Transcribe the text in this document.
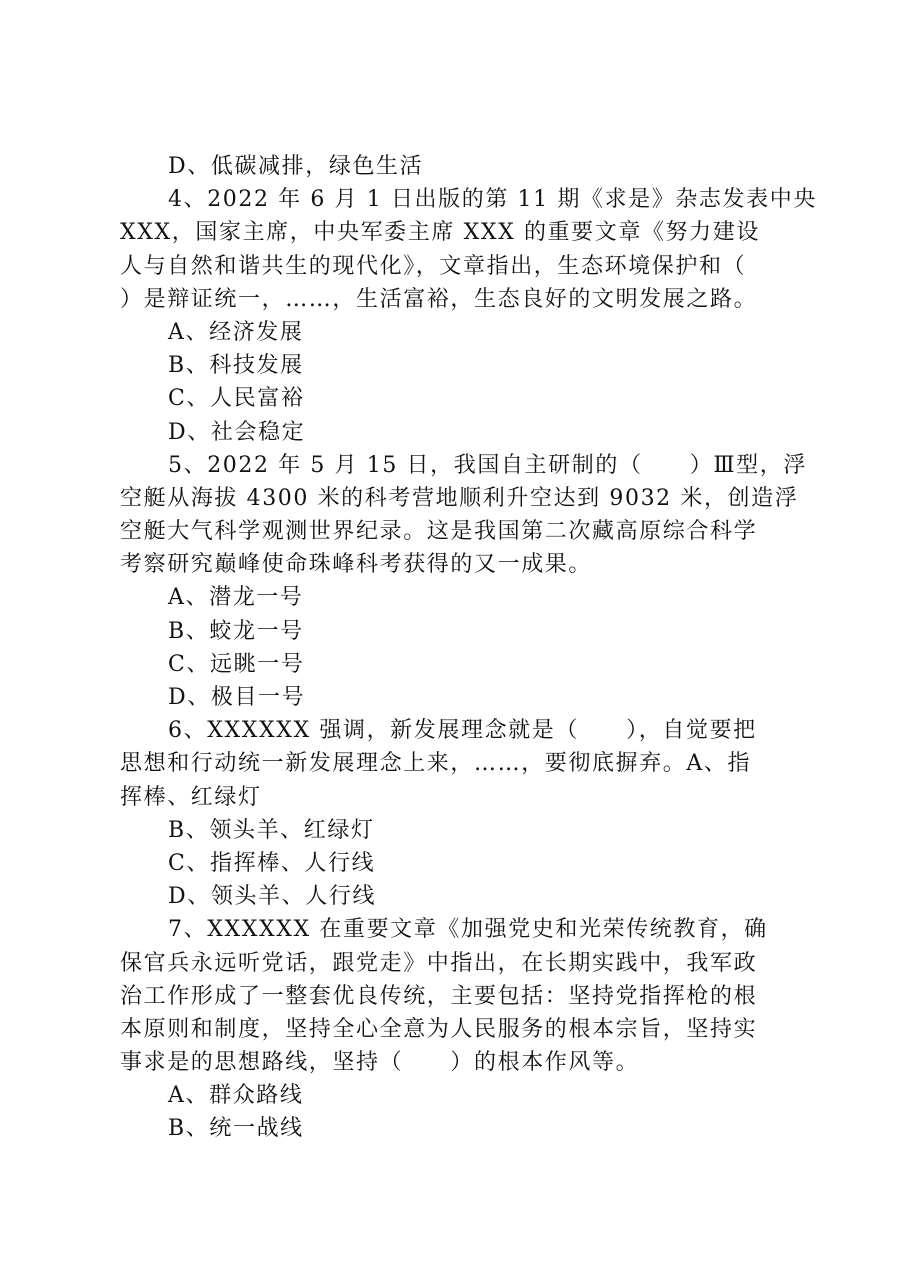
D、低碳减排，绿色生活
4、2022 年 6 月 1 日出版的第 11 期《求是》杂志发表中央
XXX，国家主席，中央军委主席 XXX 的重要文章《努力建设
人与自然和谐共生的现代化》，文章指出，生态环境保护和（
）是辩证统一，……，生活富裕，生态良好的文明发展之路。
A、经济发展
B、科技发展
C、人民富裕
D、社会稳定
5、2022 年 5 月 15 日，我国自主研制的（　　）Ⅲ型，浮
空艇从海拔 4300 米的科考营地顺利升空达到 9032 米，创造浮
空艇大气科学观测世界纪录。这是我国第二次藏高原综合科学
考察研究巅峰使命珠峰科考获得的又一成果。
A、潜龙一号
B、蛟龙一号
C、远眺一号
D、极目一号
6、XXXXXX 强调，新发展理念就是（　　），自觉要把
思想和行动统一新发展理念上来，……，要彻底摒弃。A、指
挥棒、红绿灯
B、领头羊、红绿灯
C、指挥棒、人行线
D、领头羊、人行线
7、XXXXXX 在重要文章《加强党史和光荣传统教育，确
保官兵永远听党话，跟党走》中指出，在长期实践中，我军政
治工作形成了一整套优良传统，主要包括：坚持党指挥枪的根
本原则和制度，坚持全心全意为人民服务的根本宗旨，坚持实
事求是的思想路线，坚持（　　）的根本作风等。
A、群众路线
B、统一战线
